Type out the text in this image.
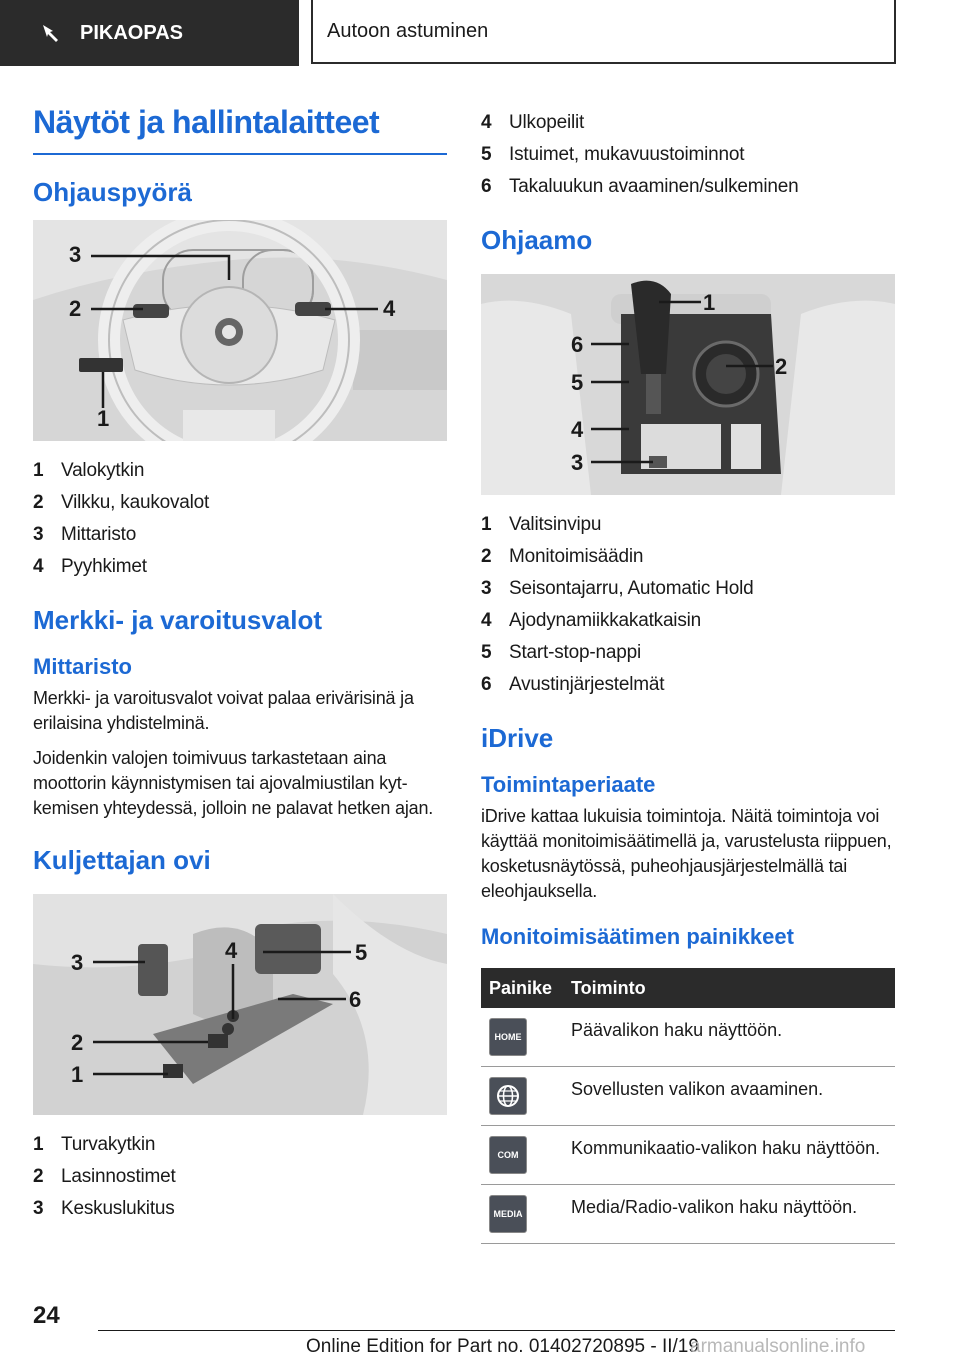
PIKAOPAS	Autoon astuminen
Näytöt ja hallintalaitteet
Ohjauspyörä
3
2	4
1
1 Valokytkin
2 Vilkku, kaukovalot
3 Mittaristo
4 Pyyhkimet
Merkki- ja varoitusvalot
Mittaristo

Merkki- ja varoitusvalot voivat palaa erivärisinä ja erilaisina yhdistelminä.

Joidenkin valojen toimivuus tarkastetaan aina moottorin käynnistymisen tai ajovalmiustilan kytkemisen yhteydessä, jolloin ne palavat hetken ajan.

Kuljettajan ovi
3
2
1
4	5
6
1 Turvakytkin
2 Lasinnostimet
3 Keskuslukitus
4 Ulkopeilit
5 Istuimet, mukavuustoiminnot
6 Takaluukun avaaminen/sulkeminen
Ohjaamo
1
2
6
5
4
3
1 Valitsinvipu
2 Monitoimisäädin
3 Seisontajarru, Automatic Hold
4 Ajodynamiikkakatkaisin
5 Start-stop-nappi
6 Avustinjärjestelmät
iDrive
Toimintaperiaate

iDrive kattaa lukuisia toimintoja. Näitä toimintoja voi käyttää monitoimisäätimellä ja, varustelusta riippuen, kosketusnäytössä, puheohjausjärjestelmällä tai eleohjauksella.

Monitoimisäätimen painikkeet
Painike	Toiminto

HOME	Päävalikon haku näyttöön.

	Sovellusten valikon avaaminen.

COM	Kommunikaatio-valikon haku näyttöön.

MEDIA	Media/Radio-valikon haku näyttöön.
24
Online Edition for Part no. 01402720895 - II/19
armanualsonline.info
